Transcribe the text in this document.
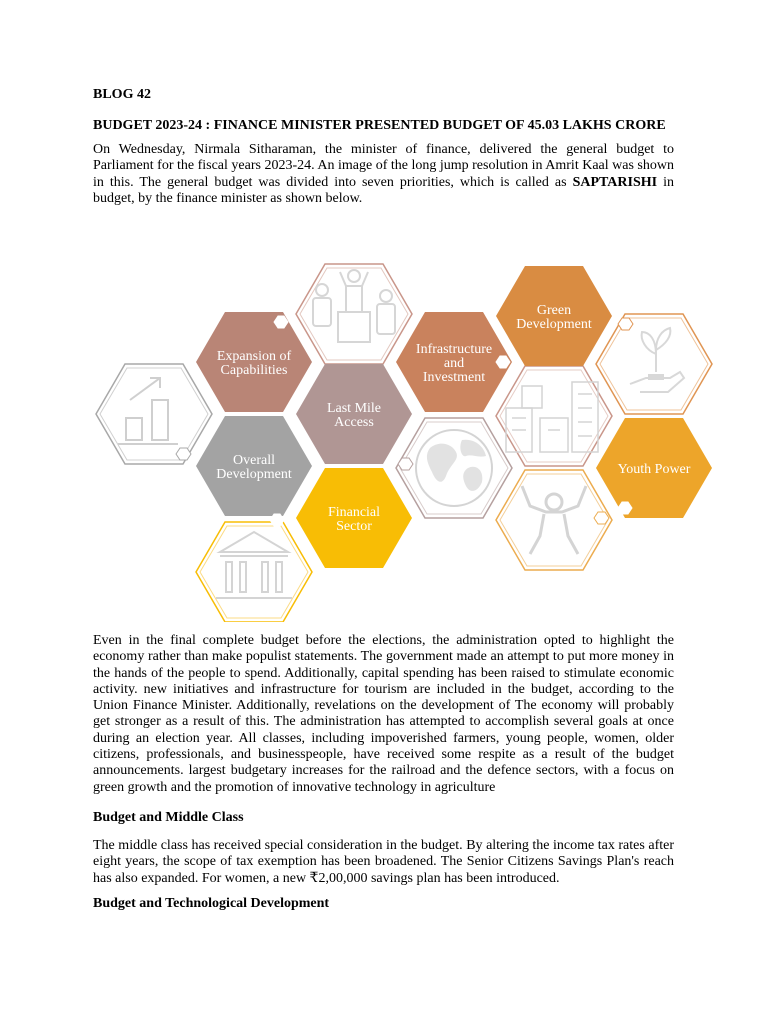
BLOG 42
BUDGET 2023-24 : FINANCE MINISTER PRESENTED BUDGET OF 45.03 LAKHS CRORE

On Wednesday, Nirmala Sitharaman, the minister of finance, delivered the general budget to Parliament for the fiscal years 2023-24. An image of the long jump resolution in Amrit Kaal was shown in this. The general budget was divided into seven priorities, which is called as SAPTARISHI in budget, by the finance minister as shown below.

Expansion of
Capabilities
Last Mile
Access
Infrastructure
and
Investment
Green
Development
Overall
Development
Financial
Sector
Youth Power

Even in the final complete budget before the elections, the administration opted to highlight the economy rather than make populist statements. The government made an attempt to put more money in the hands of the people to spend. Additionally, capital spending has been raised to stimulate economic activity. new initiatives and infrastructure for tourism are included in the budget, according to the Union Finance Minister. Additionally, revelations on the development of The economy will probably get stronger as a result of this. The administration has attempted to accomplish several goals at once during an election year. All classes, including impoverished farmers, young people, women, older citizens, professionals, and businesspeople, have received some respite as a result of the budget announcements. largest budgetary increases for the railroad and the defence sectors, with a focus on green growth and the promotion of innovative technology in agriculture

Budget and Middle Class

The middle class has received special consideration in the budget. By altering the income tax rates after eight years, the scope of tax exemption has been broadened. The Senior Citizens Savings Plan's reach has also expanded. For women, a new ₹2,00,000 savings plan has been introduced.

Budget and Technological Development
